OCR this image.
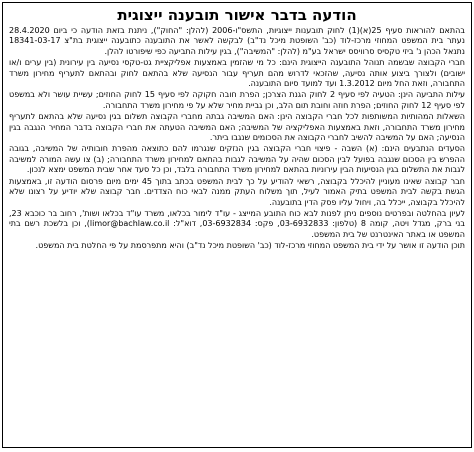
הודעה בדבר אישור תובענה ייצוגית

בהתאם להוראות סעיף 25(א)(1) לחוק תובענות ייצוגיות, התשס"ו-2006 (להלן: "החוק"), ניתנת בזאת הודעה כי ביום 28.4.2020 נעתר בית המשפט המחוזי מרכז-לוד (כב' השופטת מיכל נד"ב) לבקשה לאשר את התובענה כתובענה ייצוגית בת"צ 18341-03-17 נתנאל הכהן נ' ביזי טקסיס סרוויסס ישראל בע"מ (להלן: "המשיבה"), בגין עילות התביעה כפי שיפורטו להלן.

חברי הקבוצה שבשמה תנוהל התובענה הייצוגית הינם: כל מי שהזמין באמצעות אפליקציית גט-טקסי נסיעה בין עירונית (בין ערים ו/או ישובים) ולצורך ביצוע אותה נסיעה, שהזכאי לדרוש מהם תעריף עבור הנסיעה שלא בהתאם לחוק ובהתאם לתעריף מחירון משרד התחבורה, וזאת החל מיום 1.3.2012 ועד למועד סיום התובענה.

עילות התביעה הינן: הטעיה לפי סעיף 2 לחוק הגנת הצרכן; הפרת חובה חקוקה לפי סעיף 15 לחוק החוזים; עשיית עושר ולא במשפט לפי סעיף 12 לחוק החוזים; הפרת חוזה וחובת תום הלב, וכן גביית מחיר שלא על פי מחירון משרד התחבורה.

השאלות המהותיות המשותפות לכל חברי הקבוצה הינן: האם המשיבה גבתה מחברי הקבוצה תשלום בגין נסיעה שלא בהתאם לתעריף מחירון משרד התחבורה, וזאת באמצעות האפליקציה של המשיבה; האם המשיבה הטעתה את חברי הקבוצה בדבר המחיר הנגבה בגין הנסיעה; האם על המשיבה להשיב לחברי הקבוצה את הסכומים שנגבו ביתר.

הסעדים הנתבעים הינם: (א) השבה - פיצוי חברי הקבוצה בגין הנזקים שנגרמו להם כתוצאה מהפרת חובותיה של המשיבה, בגובה ההפרש בין הסכום שנגבה בפועל לבין הסכום שהיה על המשיבה לגבות בהתאם למחירון משרד התחבורה; (ב) צו עשה המורה למשיבה לגבות את התשלום בגין הנסיעות הבין עירוניות בהתאם למחירון משרד התחבורה בלבד, וכן כל סעד אחר שבית המשפט ימצא לנכון.

חבר קבוצה שאינו מעוניין להיכלל בקבוצה, רשאי להודיע על כך לבית המשפט בכתב בתוך 45 ימים מיום פרסום הודעה זו, באמצעות הגשת בקשה לבית המשפט בתיק האמור לעיל, תוך משלוח העתק ממנה לבאי כוח הצדדים. חבר קבוצה שלא יודיע על רצונו שלא להיכלל בקבוצה, ייכלל בה, ויחול עליו פסק הדין בתובענה.

לעיון בהחלטה ובפרטים נוספים ניתן לפנות לבא כוח התובע המייצג - עו"ד לימור בכלאו, משרד עו"ד בכלאו ושות', רחוב בר כוכבא 23, בני ברק, מגדל ויטה, קומה 8 (טלפון: 03-6932833, פקס: 03-6932834, דוא"ל: limor@bachlaw.co.il), וכן בלשכת רשם בתי המשפט או באתר האינטרנט של בית המשפט.

תוכן הודעה זו אושר על ידי בית המשפט המחוזי מרכז-לוד (כב' השופטת מיכל נד"ב) והיא מתפרסמת על פי החלטת בית המשפט.
